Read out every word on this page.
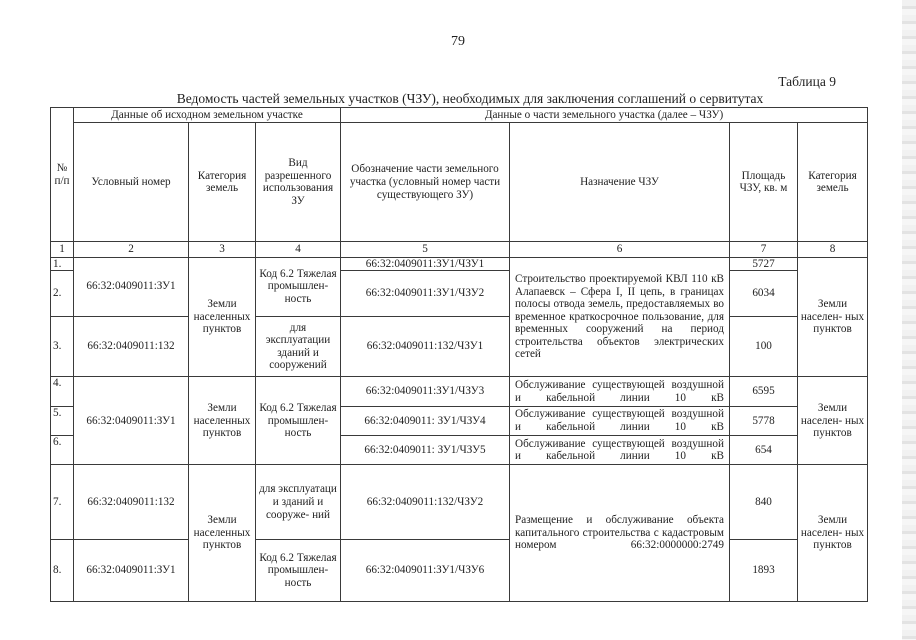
79
Таблица 9
Ведомость частей земельных участков (ЧЗУ), необходимых для заключения соглашений о сервитутах
№ п/п	Данные об исходном земельном участке			Данные о части земельного участка (далее – ЧЗУ)			
	Условный номер	Категория земель	Вид разрешенного использования ЗУ	Обозначение части земельного участка (условный номер части существующего ЗУ)	Назначение ЧЗУ	Площадь ЧЗУ, кв. м	Категория земель
1	2	3	4	5	6	7	8
1.	66:32:0409011:ЗУ1	Земли населенных пунктов	Код 6.2 Тяжелая промышлен- ность	66:32:0409011:ЗУ1/ЧЗУ1	Строительство проектируемой КВЛ 110 кВ Алапаевск – Сфера I, II цепь, в границах полосы отвода земель, предоставляемых во временное краткосрочное пользование, для временных сооружений на период строительства объектов электрических сетей	5727	Земли населен- ных пунктов
2.				66:32:0409011:ЗУ1/ЧЗУ2		6034	
3.	66:32:0409011:132		для эксплуатации зданий и сооружений	66:32:0409011:132/ЧЗУ1		100	
4.	66:32:0409011:ЗУ1	Земли населенных пунктов	Код 6.2 Тяжелая промышлен- ность	66:32:0409011:ЗУ1/ЧЗУ3	Обслуживание существующей воздушной и кабельной линии 10 кВ	6595	Земли населен- ных пунктов
5.				66:32:0409011: ЗУ1/ЧЗУ4	Обслуживание существующей воздушной и кабельной линии 10 кВ	5778	
6.				66:32:0409011: ЗУ1/ЧЗУ5	Обслуживание существующей воздушной и кабельной линии 10 кВ	654	
7.	66:32:0409011:132	Земли населенных пунктов	для эксплуатаци и зданий и сооруже- ний	66:32:0409011:132/ЧЗУ2	Размещение и обслуживание объекта капитального строительства с кадастровым номером 66:32:0000000:2749	840	Земли населен- ных пунктов
8.	66:32:0409011:ЗУ1		Код 6.2 Тяжелая промышлен- ность	66:32:0409011:ЗУ1/ЧЗУ6		1893	
